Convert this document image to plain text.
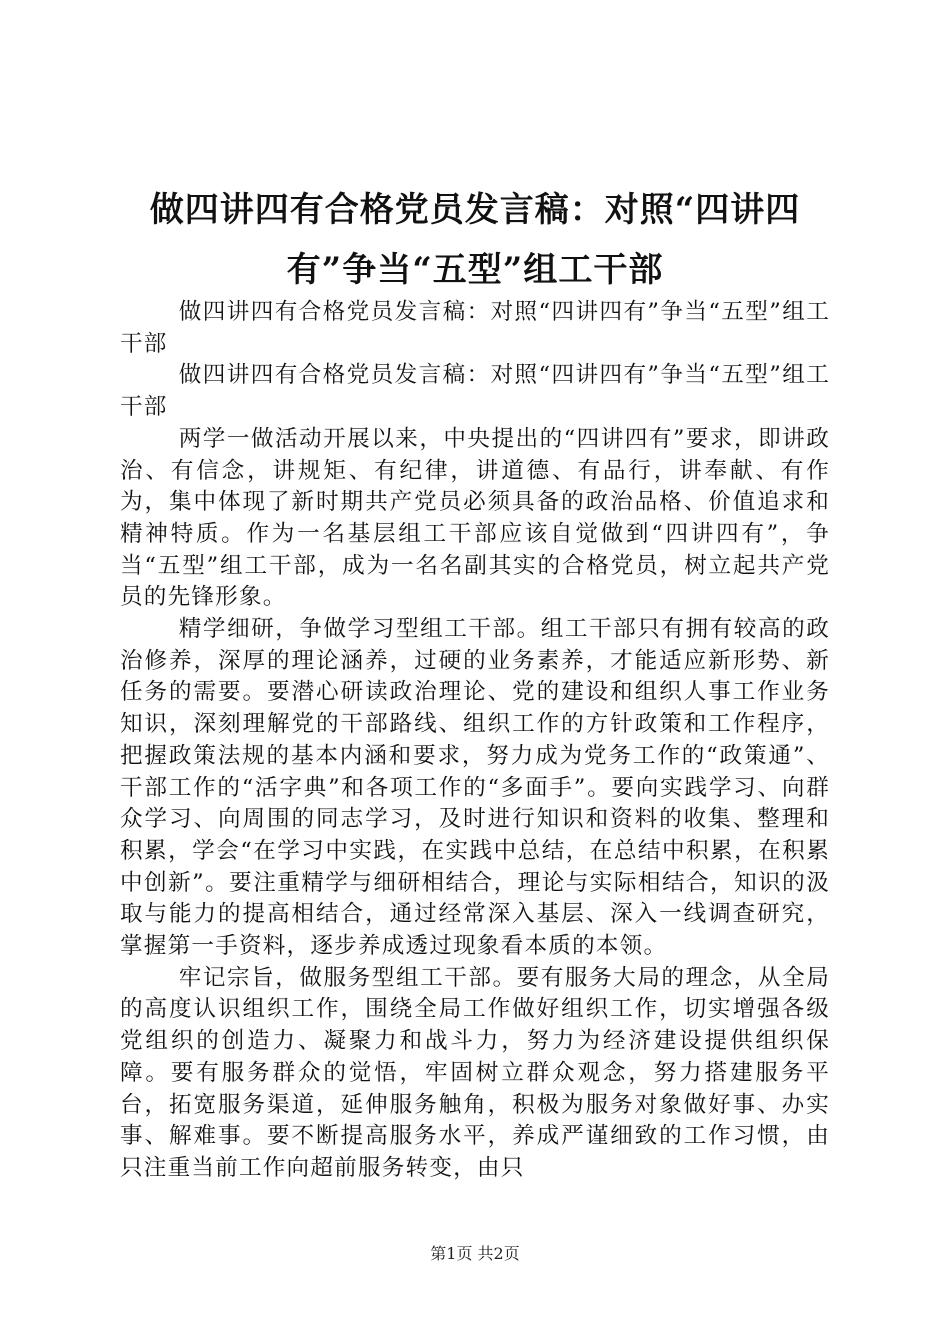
做四讲四有合格党员发言稿：对照“四讲四有”争当“五型”组工干部

做四讲四有合格党员发言稿：对照“四讲四有”争当“五型”组工干部

做四讲四有合格党员发言稿：对照“四讲四有”争当“五型”组工干部

两学一做活动开展以来，中央提出的“四讲四有”要求，即讲政治、有信念，讲规矩、有纪律，讲道德、有品行，讲奉献、有作为，集中体现了新时期共产党员必须具备的政治品格、价值追求和精神特质。作为一名基层组工干部应该自觉做到“四讲四有”，争当“五型”组工干部，成为一名名副其实的合格党员，树立起共产党员的先锋形象。

精学细研，争做学习型组工干部。组工干部只有拥有较高的政治修养，深厚的理论涵养，过硬的业务素养，才能适应新形势、新任务的需要。要潜心研读政治理论、党的建设和组织人事工作业务知识，深刻理解党的干部路线、组织工作的方针政策和工作程序，把握政策法规的基本内涵和要求，努力成为党务工作的“政策通”、干部工作的“活字典”和各项工作的“多面手”。要向实践学习、向群众学习、向周围的同志学习，及时进行知识和资料的收集、整理和积累，学会“在学习中实践，在实践中总结，在总结中积累，在积累中创新”。要注重精学与细研相结合，理论与实际相结合，知识的汲取与能力的提高相结合，通过经常深入基层、深入一线调查研究，掌握第一手资料，逐步养成透过现象看本质的本领。

牢记宗旨，做服务型组工干部。要有服务大局的理念，从全局的高度认识组织工作，围绕全局工作做好组织工作，切实增强各级党组织的创造力、凝聚力和战斗力，努力为经济建设提供组织保障。要有服务群众的觉悟，牢固树立群众观念，努力搭建服务平台，拓宽服务渠道，延伸服务触角，积极为服务对象做好事、办实事、解难事。要不断提高服务水平，养成严谨细致的工作习惯，由只注重当前工作向超前服务转变，由只

第1页 共2页
